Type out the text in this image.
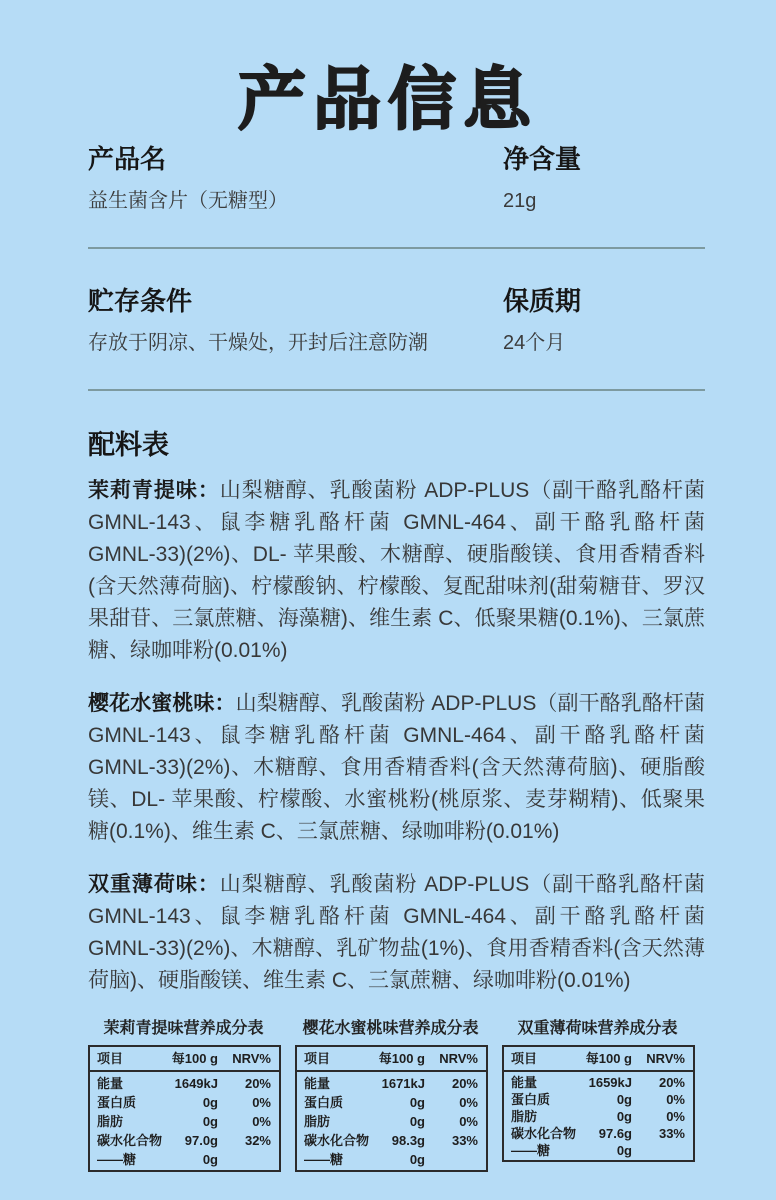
产品信息
产品名
益生菌含片（无糖型）
净含量
21g
贮存条件
存放于阴凉、干燥处，开封后注意防潮
保质期
24个月
配料表

茉莉青提味：山梨糖醇、乳酸菌粉 ADP-PLUS（副干酪乳酪杆菌 GMNL-143、鼠李糖乳酪杆菌 GMNL-464、副干酪乳酪杆菌 GMNL-33)(2%)、DL- 苹果酸、木糖醇、硬脂酸镁、食用香精香料(含天然薄荷脑)、柠檬酸钠、柠檬酸、复配甜味剂(甜菊糖苷、罗汉果甜苷、三氯蔗糖、海藻糖)、维生素 C、低聚果糖(0.1%)、三氯蔗糖、绿咖啡粉(0.01%)

樱花水蜜桃味：山梨糖醇、乳酸菌粉 ADP-PLUS（副干酪乳酪杆菌 GMNL-143、鼠李糖乳酪杆菌 GMNL-464、副干酪乳酪杆菌 GMNL-33)(2%)、木糖醇、食用香精香料(含天然薄荷脑)、硬脂酸镁、DL- 苹果酸、柠檬酸、水蜜桃粉(桃原浆、麦芽糊精)、低聚果糖(0.1%)、维生素 C、三氯蔗糖、绿咖啡粉(0.01%)

双重薄荷味：山梨糖醇、乳酸菌粉 ADP-PLUS（副干酪乳酪杆菌 GMNL-143、鼠李糖乳酪杆菌 GMNL-464、副干酪乳酪杆菌 GMNL-33)(2%)、木糖醇、乳矿物盐(1%)、食用香精香料(含天然薄荷脑)、硬脂酸镁、维生素 C、三氯蔗糖、绿咖啡粉(0.01%)

茉莉青提味营养成分表
项目	每100 g	NRV%
能量	1649kJ	20%
蛋白质	0g	0%
脂肪	0g	0%
碳水化合物	97.0g	32%
——糖	0g	
樱花水蜜桃味营养成分表
项目	每100 g	NRV%
能量	1671kJ	20%
蛋白质	0g	0%
脂肪	0g	0%
碳水化合物	98.3g	33%
——糖	0g	
双重薄荷味营养成分表
项目	每100 g	NRV%
能量	1659kJ	20%
蛋白质	0g	0%
脂肪	0g	0%
碳水化合物	97.6g	33%
——糖	0g	
